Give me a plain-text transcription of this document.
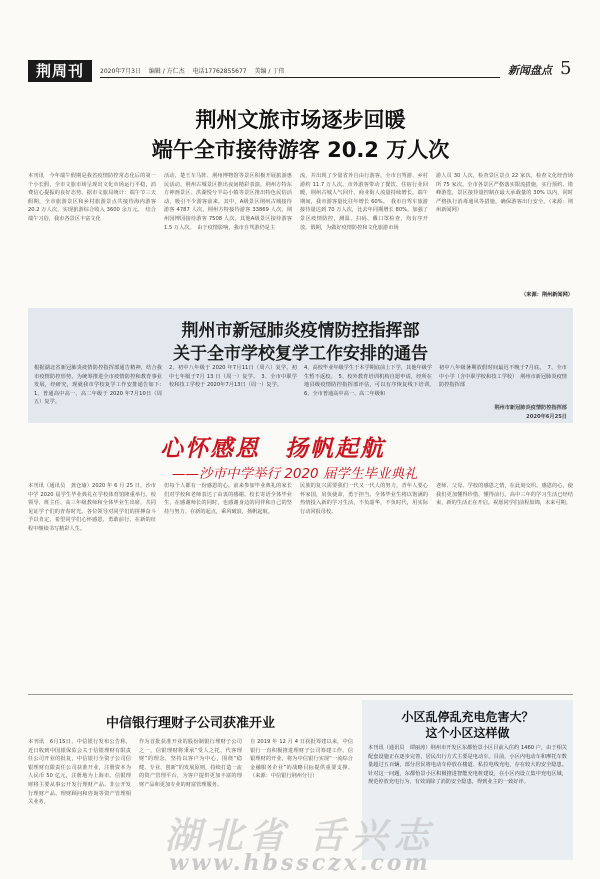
荆周刊	2020年7月3日 编辑 / 方仁杰 电话17762855677 美编 / 丁伟	新闻盘点 5
荆州文旅市场逐步回暖
端午全市接待游客 20.2 万人次
本刊讯　今年端午假期是我省疫情防控常态化后的第一个小长假，全市文旅市场呈现出文化市场运行平稳，消费信心提振的良好态势。据市文旅局统计：端午节三天假期，全市旅游景区和乡村旅游景点共接待海内游客 20.2 万人次，实现旅游综合收入 3600 余万元。　结合端午习俗，我市各景区丰富文化
活动，楚王车马阵、荆州博物馆等景区积极开展旅游惠民活动。荆州古城景区推出夜间精彩表演，荆州方特东方神画景区、洪湖悦兮半岛小镇等景区推出特色民俗活动，吸引不少游客前来。其中，A级景区荆州古城接待游客 4787 人次，荆州方特接待游客 33869 人次，荆州园博园接待游客 7508 人次，其他A级景区接待游客 1.5 万人次。　由于疫情影响，我市自驾游仍是主
流，并出现了少量省外自由行游客。全市自驾游、乡村游约 11.7 万人次。市外游客带动了餐饮、住宿行业回暖，荆州古城人气回升，商业街人流量持续增长。端午期间，我市游客量比往年增长 60%。　我市自驾车旅游接待量达到 70 万人次，比去年同期增长 80%。加强了景区疫情防控，测温、扫码、戴口罩检查，均有序开放。假期，为做好疫情防控和文化旅游市场
游人员 30 人次，检查景区景点 22 家次，检查文化经营场所 75 家次。全市各景区严格落实限流措施，实行预约、错峰游览，景区接待量控制在最大承载量的 30% 以内，同时严格执行消毒通风等措施，确保游客出行安全。（来源：荆州新闻网）
（来源：荆州新闻网）
荆州市新冠肺炎疫情防控指挥部
关于全市学校复学工作安排的通告
根据湖北省新冠肺炎疫情防控指挥部通告精神，结合我市疫情防控形势，为统筹推进全市疫情防控和教育事业发展，经研究，现就我市学校复学工作安排通告如下：　1、普通高中高一、高二年级于 2020 年7月10日（周五）复学。
2、初中八年级于 2020 年7月11日（周六）复学。初中七年级于7月 13 日（周一）复学。　3、全市中职学校和技工学校于 2020年7月13日（周一）复学。
4、高校毕业年级学生于本学期底前上下学，其他年级学生暂不返校。　5、校外教育培训机构自愿申请，经所在地县级疫情防控指挥部评估，可以有序恢复线下培训。　6、全市普通高中高一、高二年级和
初中八年级暑期放假时间最迟不晚于7月底。　7、全市中小学（含中职学校和技工学校）　荆州市新冠肺炎疫情防控指挥部
荆州市新冠肺炎疫情防控指挥部
2020年6月25日
心怀感恩　扬帆起航
——沙市中学举行 2020 届学生毕业典礼
本刊讯（通讯员　龚仓瑜）2020 年 6 月 25 日，沙市中学 2020 届学生毕业典礼在学校体育馆隆重举行。校领导、班主任、高三年级教师和全体毕业生出席，共同见证学子们的青春时光。各位领导对同学们的拼搏奋斗予以肯定，希望同学们心怀感恩，勇敢前行，在新的征程中继续书写精彩人生。
但每个人都有一份感恩的心。前来参加毕业典礼的家长们对学校和老师表达了由衷的感谢。校长寄语全体毕业生，在感谢师长的同时，也感谢身边的同伴和自己的坚持与努力。在新的起点，乘风破浪，扬帆起航。
民族的复兴需要我们一代又一代人的努力，青年人要心怀家国，肩负使命，勇于担当。全体毕业生将以饱满的热情投入新的学习生活，不负韶华，不负时代，用实际行动回报母校。
老师、父母、学校的感恩之情，在此刻交织。感恩的心，使我们更加懂得珍惜，懂得前行。高中三年的学习生活已经结束，新的生活正在开启。祝愿同学们前程似锦，未来可期。
中信银行理财子公司获准开业
本刊讯　6月15日，中信银行发布公告称，近日收到中国银保监会关于信银理财有限责任公司开业的批复，中信银行全资子公司信银理财有限责任公司获准开业，注册资本为人民币 50 亿元，注册地为上海市。信银理财将主要从事公开发行理财产品、非公开发行理财产品、理财顾问和咨询等资产管理相关业务。
作为首批获准开业的股份制银行理财子公司之一，信银理财将秉承“受人之托、代客理财”的理念，坚持以客户为中心，围绕“稳健、专业、创新”的发展原则，持续打造一流的资产管理平台，为客户提供更加丰富的理财产品和更加专业的财富管理服务。
自 2019 年 12 月 4 日获批筹建以来，中信银行一直积极推进理财子公司筹建工作。信银理财的开业，将为中信银行实现“一流综合金融服务企业”的战略目标提供重要支撑。（来源：中信银行荆州分行）
小区乱停乱充电危害大？
这个小区这样做
本刊讯（通讯员　谭丽涛）荆州市开发区东都怡景小区目前入住约 1460 户，由于相关配套设施正在逐步完善，居民出行方式主要是电动车。目前，小区内电动车和摩托车数量超过五百辆，部分居民将电动车停放在楼道、私拉电线充电，存在较大的安全隐患。针对这一问题，东都怡景小区积极推进智能充电桩建设，在小区内设立集中充电区域，规范停放充电行为，有效消除了消防安全隐患，得到业主的一致好评。
湖北省 舌兴志
www.hbssczx.com
